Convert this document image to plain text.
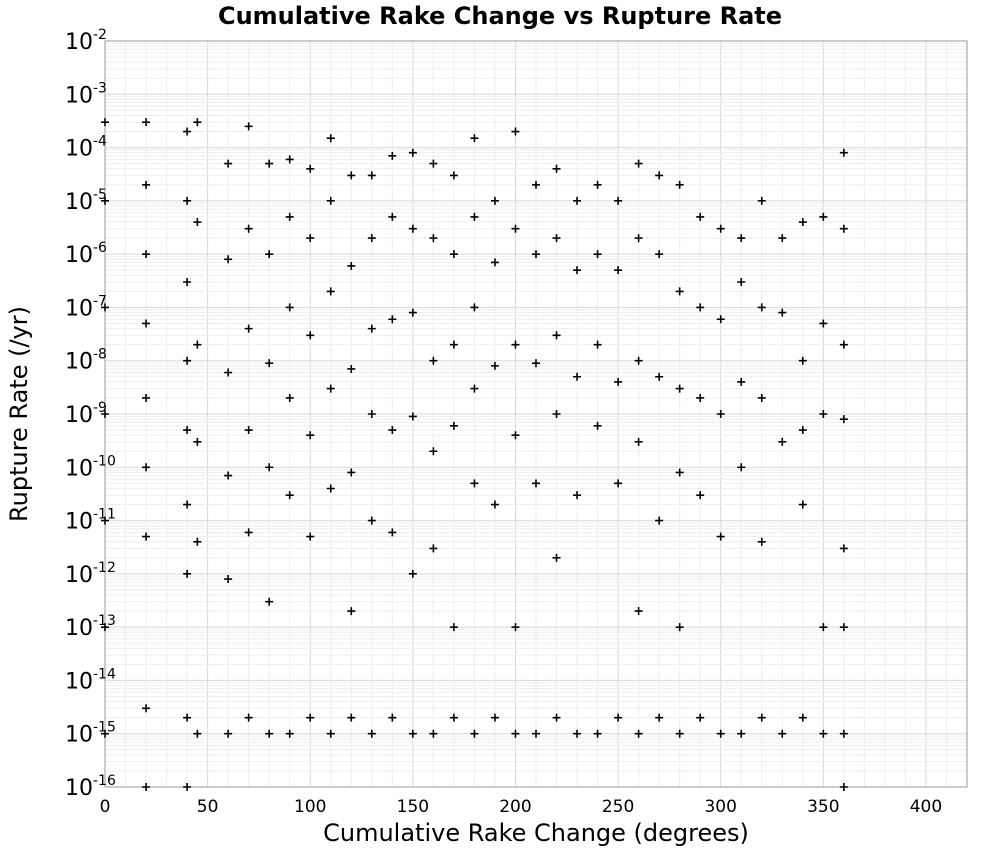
Cumulative Rake Change vs Rupture Rate
0	50	100	150	200	250	300	350	400
$10^{-16}$
$10^{-15}$
$10^{-14}$
$10^{-13}$
$10^{-12}$
$10^{-11}$
$10^{-10}$
$10^{-9}$
$10^{-8}$
$10^{-7}$
$10^{-6}$
$10^{-5}$
$10^{-4}$
$10^{-3}$
$10^{-2}$
Cumulative Rake Change (degrees)
Rupture Rate (/yr)
